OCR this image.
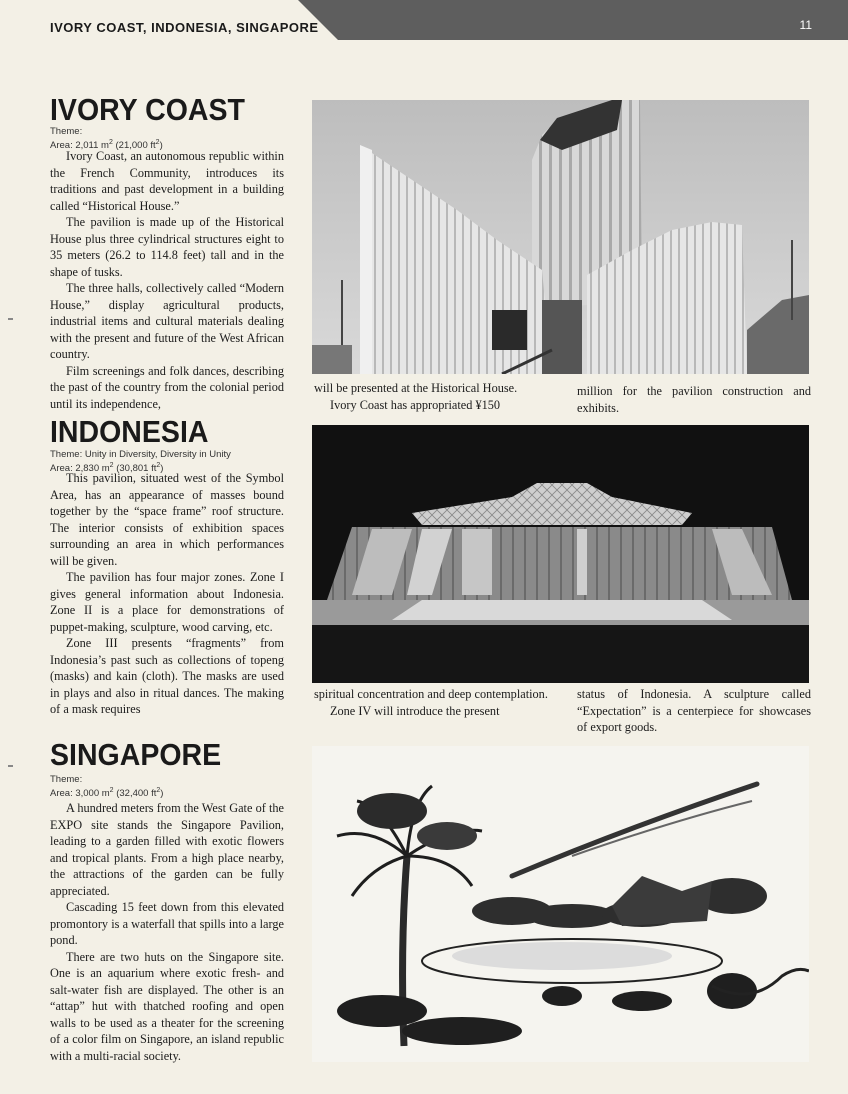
IVORY COAST, INDONESIA, SINGAPORE	11
IVORY COAST
Theme:
Area: 2,011 $m^2$ (21,000 $ft^2$)

Ivory Coast, an autonomous republic within the French Community, introduces its traditions and past development in a building called “Historical House.”

The pavilion is made up of the Historical House plus three cylindrical structures eight to 35 meters (26.2 to 114.8 feet) tall and in the shape of tusks.

The three halls, collectively called “Modern House,” display agricultural products, industrial items and cultural materials dealing with the present and future of the West African country.

Film screenings and folk dances, describing the past of the country from the colonial period until its independence,

will be presented at the Historical House.

Ivory Coast has appropriated ¥150

million for the pavilion construction and exhibits.

INDONESIA
Theme: Unity in Diversity, Diversity in Unity
Area: 2,830 $m^2$ (30,801 $ft^2$)

This pavilion, situated west of the Symbol Area, has an appearance of masses bound together by the “space frame” roof structure. The interior consists of exhibition spaces surrounding an area in which performances will be given.

The pavilion has four major zones. Zone I gives general information about Indonesia. Zone II is a place for demonstrations of puppet-making, sculpture, wood carving, etc.

Zone III presents “fragments” from Indonesia’s past such as collections of topeng (masks) and kain (cloth). The masks are used in plays and also in ritual dances. The making of a mask requires

spiritual concentration and deep contemplation.

Zone IV will introduce the present

status of Indonesia. A sculpture called “Expectation” is a centerpiece for showcases of export goods.

SINGAPORE
Theme:
Area: 3,000 $m^2$ (32,400 $ft^2$)

A hundred meters from the West Gate of the EXPO site stands the Singapore Pavilion, leading to a garden filled with exotic flowers and tropical plants. From a high place nearby, the attractions of the garden can be fully appreciated.

Cascading 15 feet down from this elevated promontory is a waterfall that spills into a large pond.

There are two huts on the Singapore site. One is an aquarium where exotic fresh- and salt-water fish are displayed. The other is an “attap” hut with thatched roofing and open walls to be used as a theater for the screening of a color film on Singapore, an island republic with a multi-racial society.
